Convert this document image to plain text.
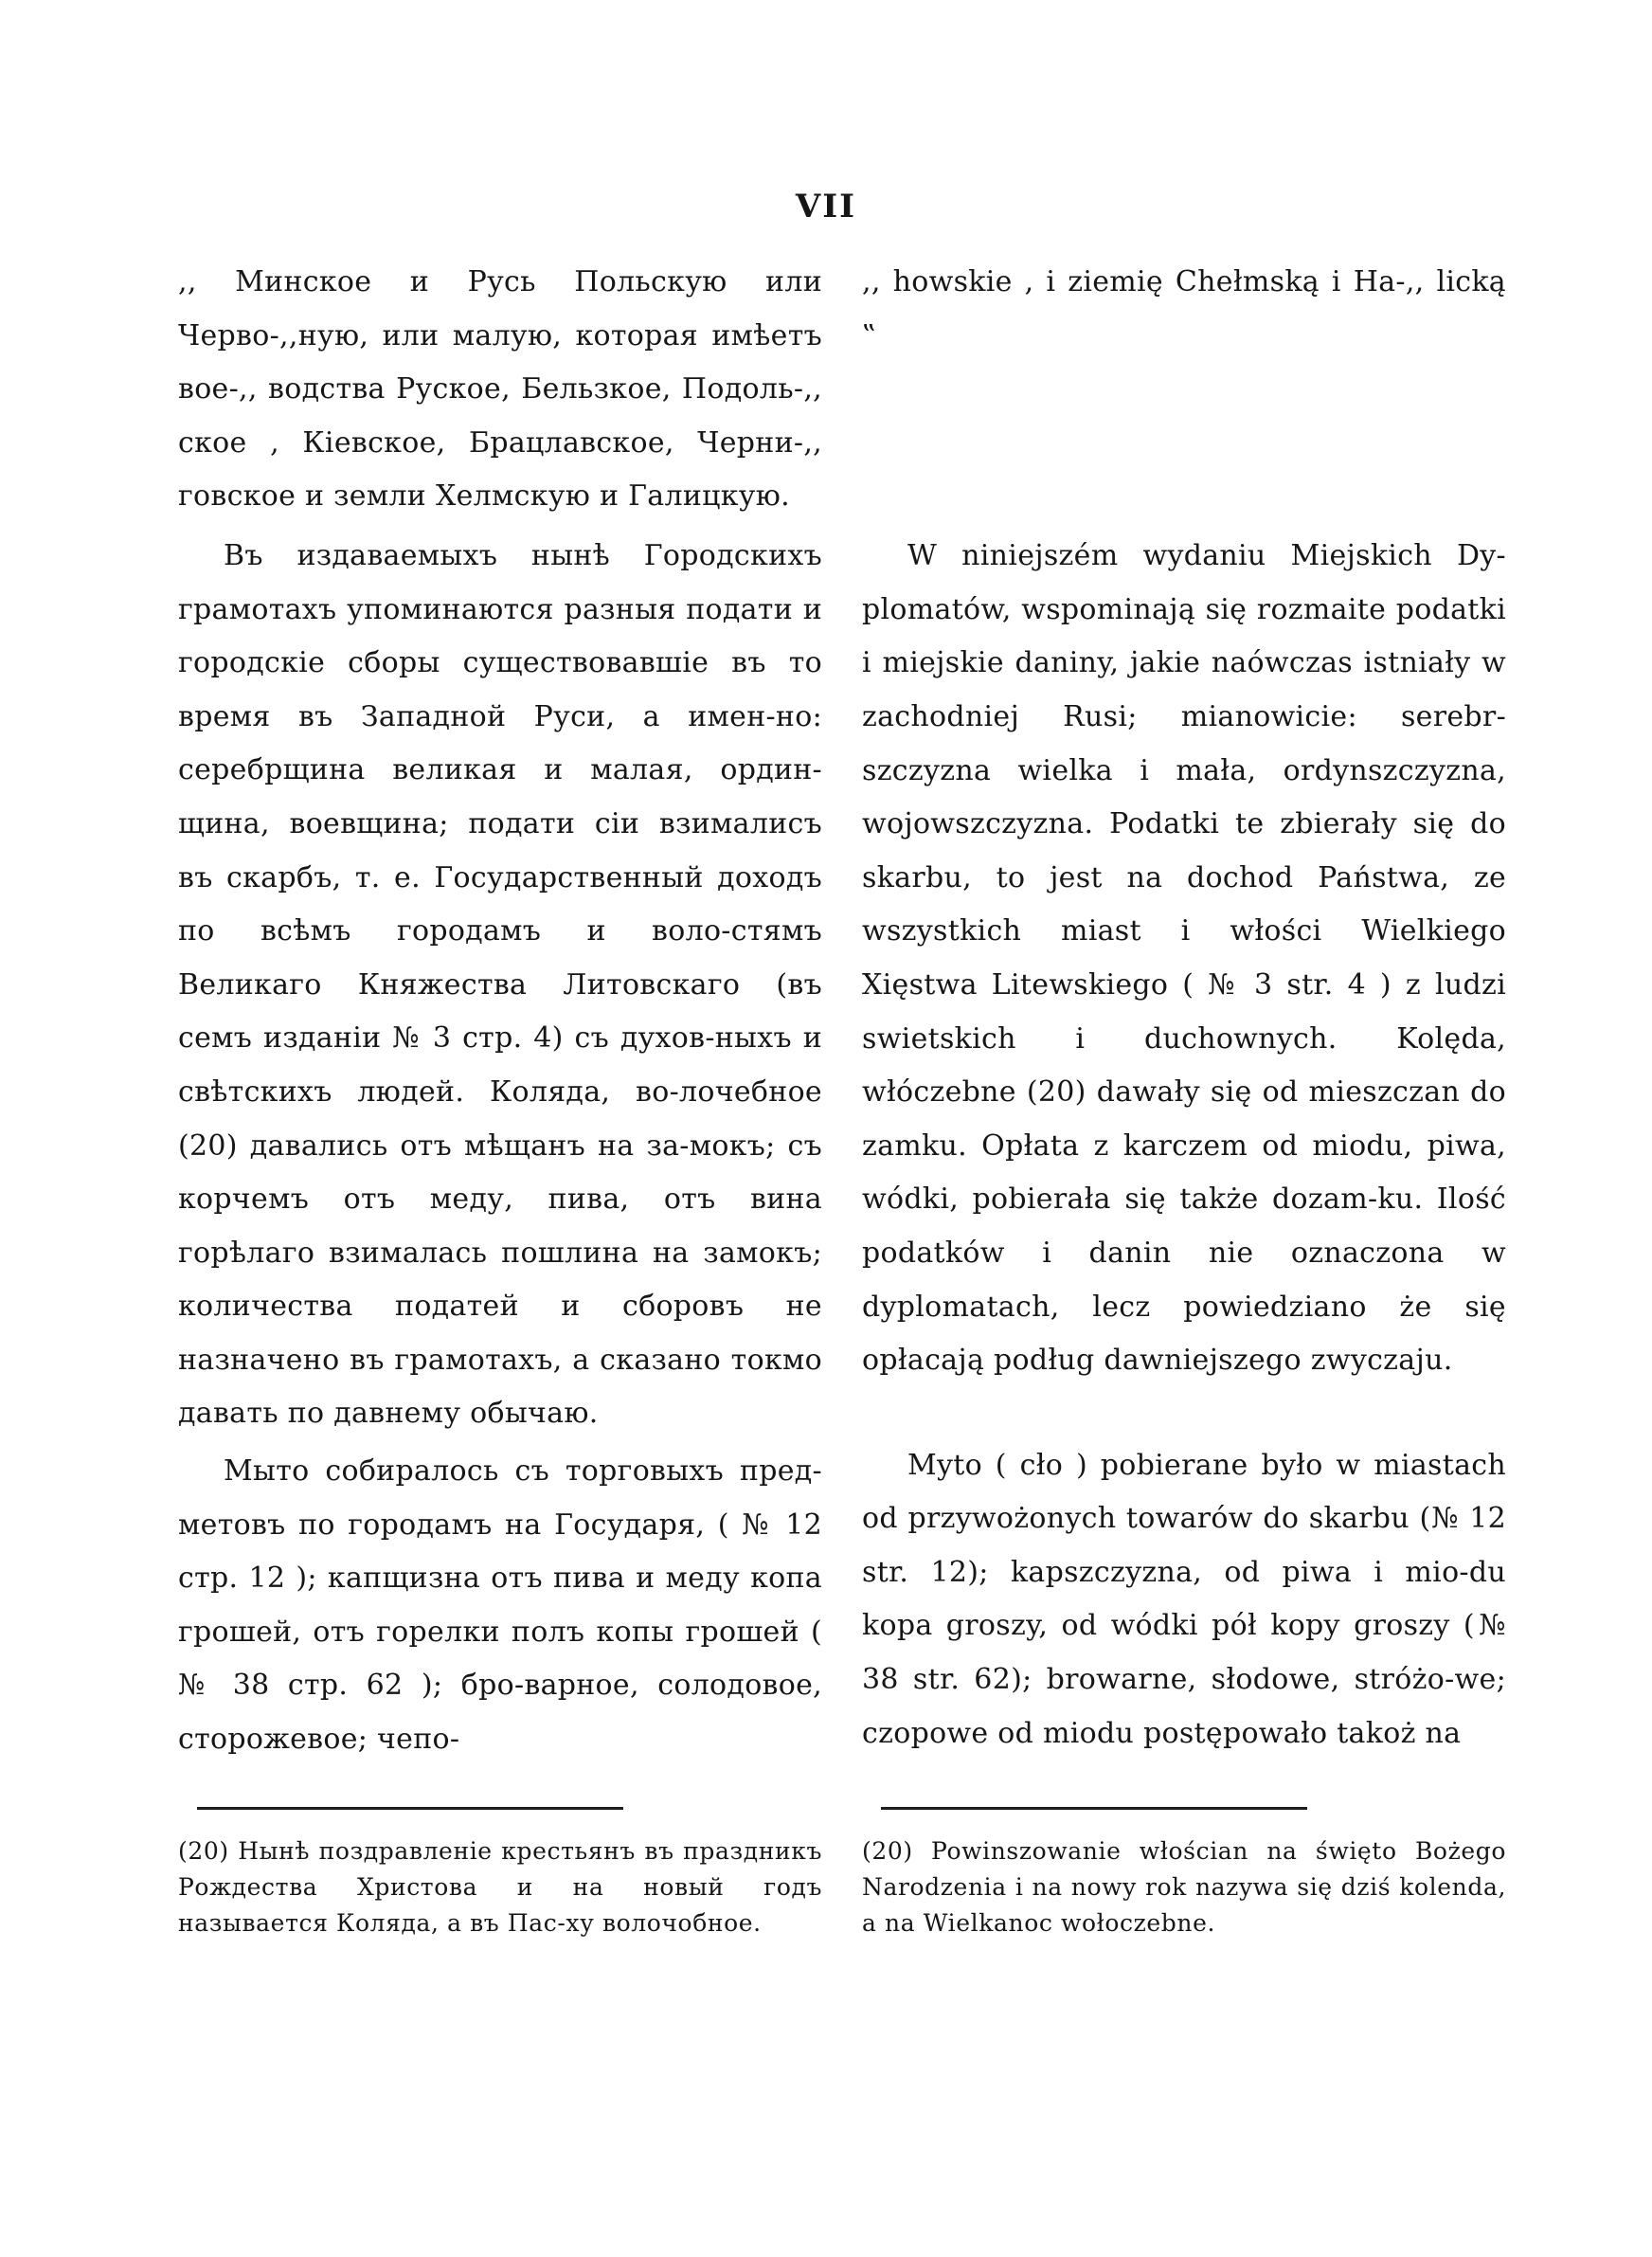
VII

,, Минское и Русь Польскую или Черво-,,ную, или малую, которая имѣетъ вое-,, водства Руское, Бельзкое, Подоль-,, ское , Кіевское, Брацлавское, Черни-,, говское и земли Хелмскую и Галицкую.

Въ издаваемыхъ нынѣ Городскихъ грамотахъ упоминаются разныя подати и городскіе сборы существовавшіе въ то время въ Западной Руси, а имен-но: серебрщина великая и малая, ордин-щина, воевщина; подати сіи взималисъ въ скарбъ, т. е. Государственный доходъ по всѣмъ городамъ и воло-стямъ Великаго Княжества Литовскаго (въ семъ изданіи № 3 стр. 4) съ духов-ныхъ и свѣтскихъ людей. Коляда, во-лочебное (20) давались отъ мѣщанъ на за-мокъ; съ корчемъ отъ меду, пива, отъ вина горѣлаго взималась пошлина на замокъ; количества податей и сборовъ не назначено въ грамотахъ, а сказано токмо давать по давнему обычаю.

Мыто собиралось съ торговыхъ пред-метовъ по городамъ на Государя, ( № 12 стр. 12 ); капщизна отъ пива и меду копа грошей, отъ горелки полъ копы грошей ( № 38 стр. 62 ); бро-варное, солодовое, сторожевое; чепо-

,, howskie , i ziemię Chełmską i Ha-,, licką ‟

W niniejszém wydaniu Miejskich Dy-plomatów, wspominają się rozmaite podatki i miejskie daniny, jakie naówczas istniały w zachodniej Rusi; mianowicie: serebr-szczyzna wielka i mała, ordynszczyzna, wojowszczyzna. Podatki te zbierały się do skarbu, to jest na dochod Państwa, ze wszystkich miast i włości Wielkiego Xięstwa Litewskiego ( № 3 str. 4 ) z ludzi swietskich i duchownych. Kolęda, włóczebne (20) dawały się od mieszczan do zamku. Opłata z karczem od miodu, piwa, wódki, pobierała się także dozam-ku. Ilość podatków i danin nie oznaczona w dyplomatach, lecz powiedziano że się opłacają podług dawniejszego zwyczaju.

Myto ( cło ) pobierane było w miastach od przywożonych towarów do skarbu (№ 12 str. 12); kapszczyzna, od piwa i mio-du kopa groszy, od wódki pół kopy groszy (№ 38 str. 62); browarne, słodowe, stróżo-we; czopowe od miodu postępowało takoż na

(20) Нынѣ поздравленіе крестьянъ въ праздникъ Рождества Христова и на новый годъ называется Коляда, а въ Пас-ху волочобное.

(20) Powinszowanie włościan na święto Bożego Narodzenia i na nowy rok nazywa się dziś kolenda, a na Wielkanoc wołoczebne.
